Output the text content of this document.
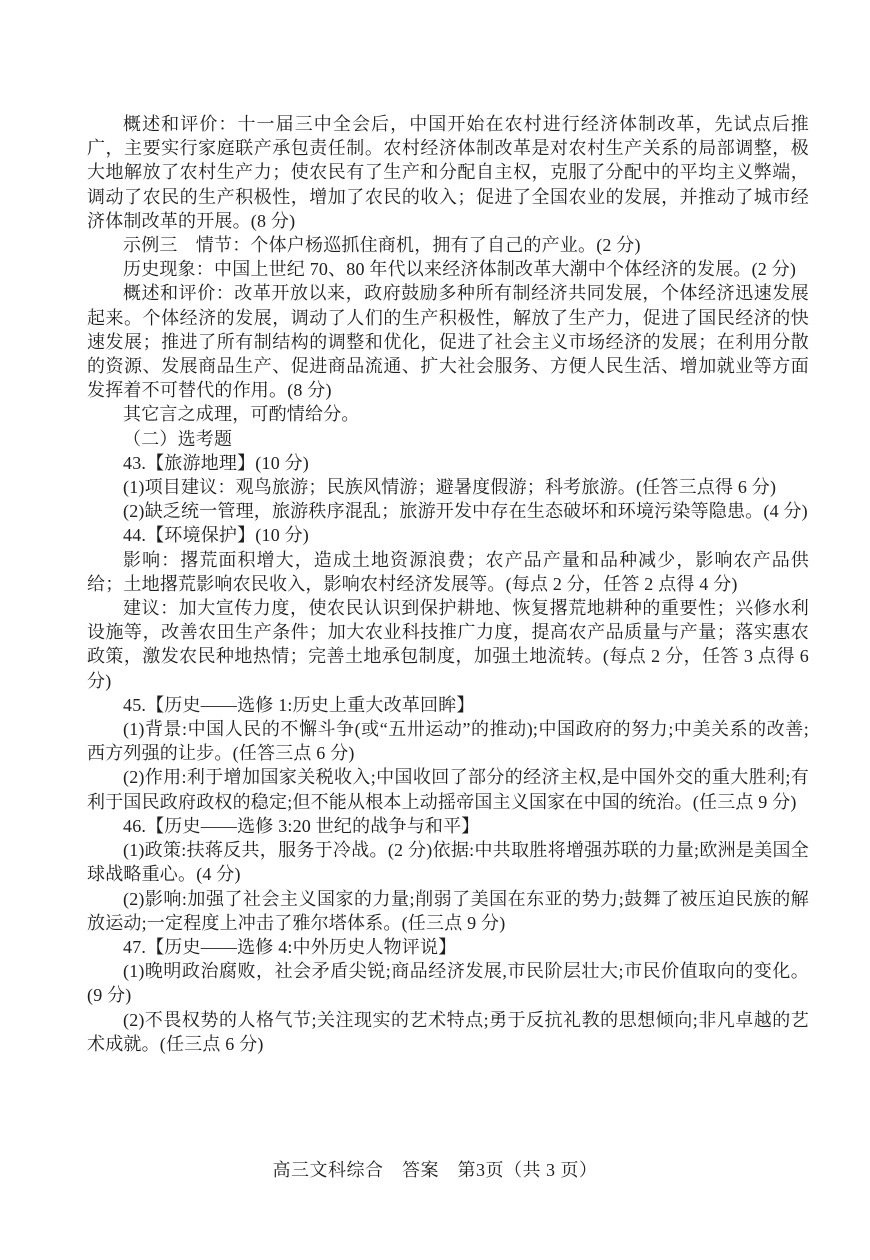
概述和评价：十一届三中全会后，中国开始在农村进行经济体制改革，先试点后推广，主要实行家庭联产承包责任制。农村经济体制改革是对农村生产关系的局部调整，极大地解放了农村生产力；使农民有了生产和分配自主权，克服了分配中的平均主义弊端，调动了农民的生产积极性，增加了农民的收入；促进了全国农业的发展，并推动了城市经济体制改革的开展。(8 分)

示例三　情节：个体户杨巡抓住商机，拥有了自己的产业。(2 分)

历史现象：中国上世纪 70、80 年代以来经济体制改革大潮中个体经济的发展。(2 分)

概述和评价：改革开放以来，政府鼓励多种所有制经济共同发展，个体经济迅速发展起来。个体经济的发展，调动了人们的生产积极性，解放了生产力，促进了国民经济的快速发展；推进了所有制结构的调整和优化，促进了社会主义市场经济的发展；在利用分散的资源、发展商品生产、促进商品流通、扩大社会服务、方便人民生活、增加就业等方面发挥着不可替代的作用。(8 分)

其它言之成理，可酌情给分。

（二）选考题

43.【旅游地理】(10 分)

(1)项目建议：观鸟旅游；民族风情游；避暑度假游；科考旅游。(任答三点得 6 分)

(2)缺乏统一管理，旅游秩序混乱；旅游开发中存在生态破坏和环境污染等隐患。(4 分)

44.【环境保护】(10 分)

影响：撂荒面积增大，造成土地资源浪费；农产品产量和品种减少，影响农产品供给；土地撂荒影响农民收入，影响农村经济发展等。(每点 2 分，任答 2 点得 4 分)

建议：加大宣传力度，使农民认识到保护耕地、恢复撂荒地耕种的重要性；兴修水利设施等，改善农田生产条件；加大农业科技推广力度，提高农产品质量与产量；落实惠农政策，激发农民种地热情；完善土地承包制度，加强土地流转。(每点 2 分，任答 3 点得 6 分)

45.【历史——选修 1:历史上重大改革回眸】

(1)背景:中国人民的不懈斗争(或“五卅运动”的推动);中国政府的努力;中美关系的改善;西方列强的让步。(任答三点 6 分)

(2)作用:利于增加国家关税收入;中国收回了部分的经济主权,是中国外交的重大胜利;有利于国民政府政权的稳定;但不能从根本上动摇帝国主义国家在中国的统治。(任三点 9 分)

46.【历史——选修 3:20 世纪的战争与和平】

(1)政策:扶蒋反共，服务于冷战。(2 分)依据:中共取胜将增强苏联的力量;欧洲是美国全球战略重心。(4 分)

(2)影响:加强了社会主义国家的力量;削弱了美国在东亚的势力;鼓舞了被压迫民族的解放运动;一定程度上冲击了雅尔塔体系。(任三点 9 分)

47.【历史——选修 4:中外历史人物评说】

(1)晚明政治腐败，社会矛盾尖锐;商品经济发展,市民阶层壮大;市民价值取向的变化。(9 分)

(2)不畏权势的人格气节;关注现实的艺术特点;勇于反抗礼教的思想倾向;非凡卓越的艺术成就。(任三点 6 分)

高三文科综合　答案　第3页（共 3 页）
